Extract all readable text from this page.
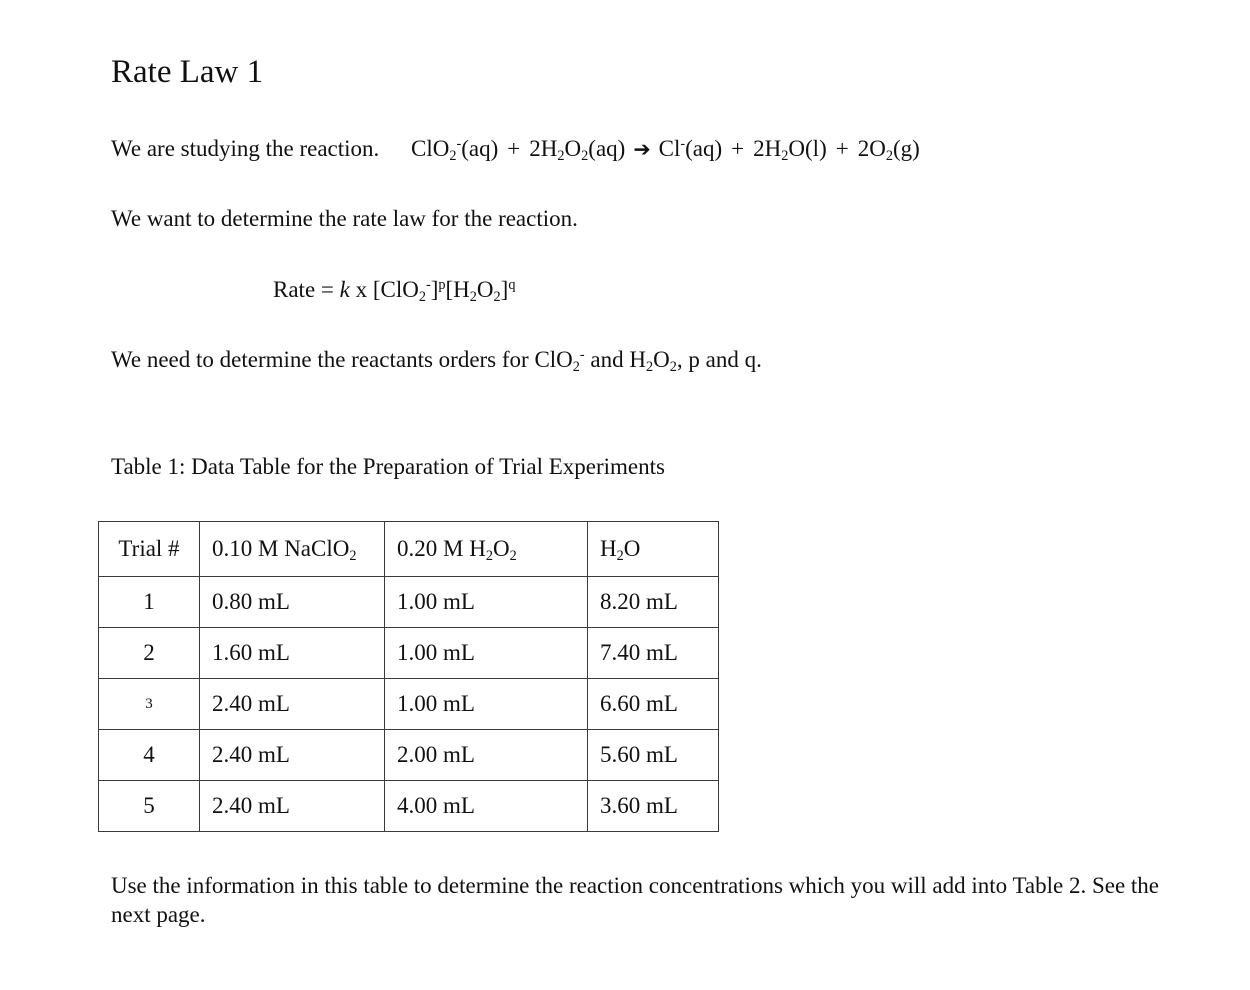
Rate Law 1
We are studying the reaction. $ClO_2^-(aq) + 2H_2O_2(aq)$ ➔ $Cl^-(aq) + 2H_2O(l) + 2O_2(g)$
We want to determine the rate law for the reaction.
Rate = k x $[ClO_2^-]^p[H_2O_2]^q$
We need to determine the reactants orders for ClO$_2$- and $H_2O_2$, p and q.
Table 1: Data Table for the Preparation of Trial Experiments
Trial #	0.10 M NaClO$_2$	0.20 M $H_2O_2$	$H_2O$
1	0.80 mL	1.00 mL	8.20 mL
2	1.60 mL	1.00 mL	7.40 mL
3	2.40 mL	1.00 mL	6.60 mL
4	2.40 mL	2.00 mL	5.60 mL
5	2.40 mL	4.00 mL	3.60 mL
Use the information in this table to determine the reaction concentrations which you will add into Table 2. See the next page.
